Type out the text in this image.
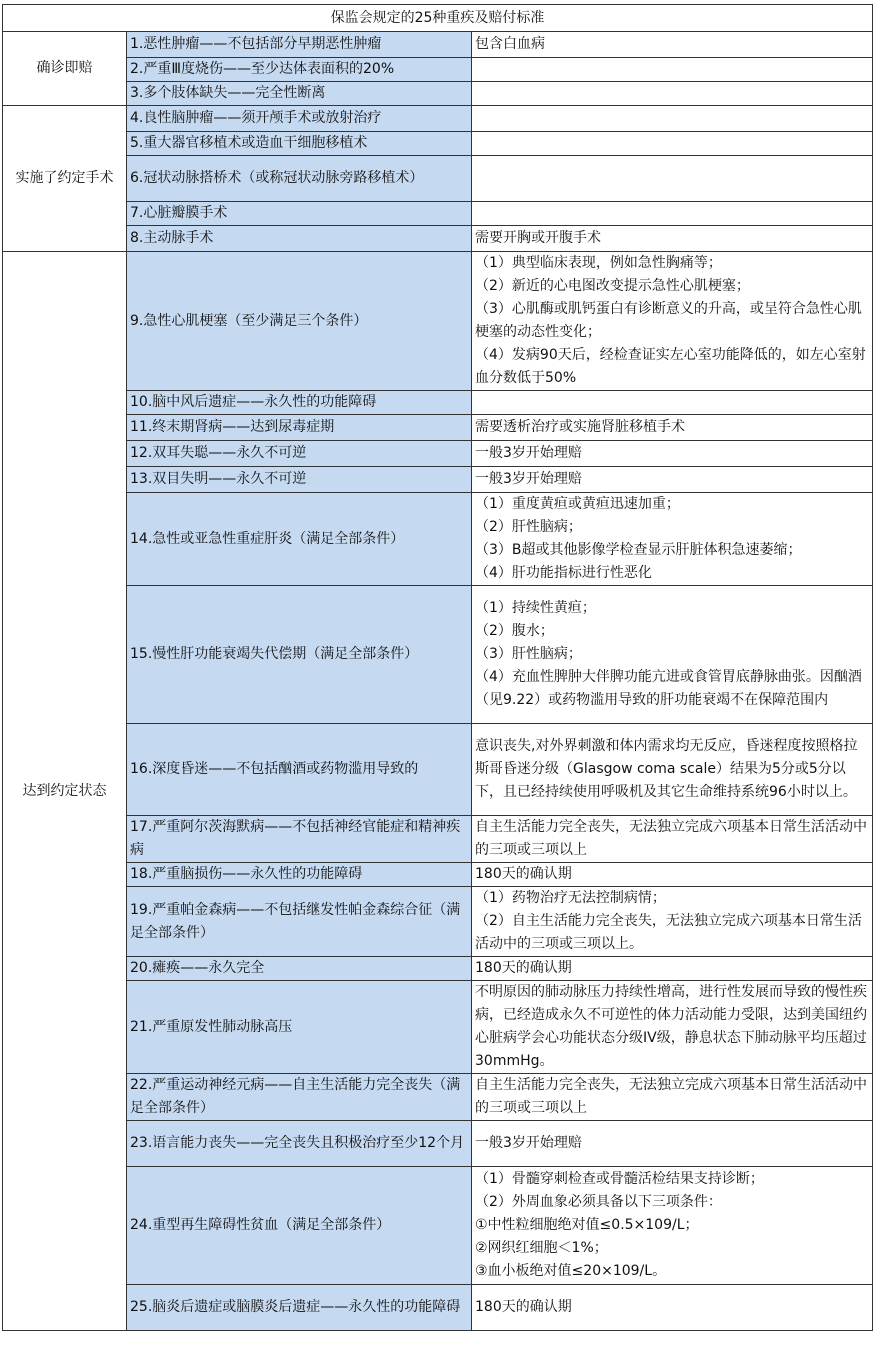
保监会规定的25种重疾及赔付标准		
确诊即赔	1.恶性肿瘤——不包括部分早期恶性肿瘤	包含白血病

	2.严重Ⅲ度烧伤——至少达体表面积的20%	
	3.多个肢体缺失——完全性断离	
实施了约定手术	4.良性脑肿瘤——须开颅手术或放射治疗	
	5.重大器官移植术或造血干细胞移植术	
	6.冠状动脉搭桥术（或称冠状动脉旁路移植术）	
	7.心脏瓣膜手术	
	8.主动脉手术	需要开胸或开腹手术

达到约定状态	9.急性心肌梗塞（至少满足三个条件）	（1）典型临床表现，例如急性胸痛等；
（2）新近的心电图改变提示急性心肌梗塞；
（3）心肌酶或肌钙蛋白有诊断意义的升高，或呈符合急性心肌梗塞的动态性变化；
（4）发病90天后，经检查证实左心室功能降低的，如左心室射血分数低于50%

	10.脑中风后遗症——永久性的功能障碍	
	11.终末期肾病——达到尿毒症期	需要透析治疗或实施肾脏移植手术

	12.双耳失聪——永久不可逆	一般3岁开始理赔

	13.双目失明——永久不可逆	一般3岁开始理赔

	14.急性或亚急性重症肝炎（满足全部条件）	（1）重度黄疸或黄疸迅速加重；
（2）肝性脑病；
（3）B超或其他影像学检查显示肝脏体积急速萎缩；
（4）肝功能指标进行性恶化

	15.慢性肝功能衰竭失代偿期（满足全部条件）	（1）持续性黄疸；
（2）腹水；
（3）肝性脑病；
（4）充血性脾肿大伴脾功能亢进或食管胃底静脉曲张。因酗酒（见9.22）或药物滥用导致的肝功能衰竭不在保障范围内

	16.深度昏迷——不包括酗酒或药物滥用导致的	意识丧失,对外界刺激和体内需求均无反应，昏迷程度按照格拉斯哥昏迷分级（Glasgow coma scale）结果为5分或5分以下，且已经持续使用呼吸机及其它生命维持系统96小时以上。

	17.严重阿尔茨海默病——不包括神经官能症和精神疾病	自主生活能力完全丧失，无法独立完成六项基本日常生活活动中的三项或三项以上

	18.严重脑损伤——永久性的功能障碍	180天的确认期

	19.严重帕金森病——不包括继发性帕金森综合征（满足全部条件）	（1）药物治疗无法控制病情；
（2）自主生活能力完全丧失，无法独立完成六项基本日常生活活动中的三项或三项以上。

	20.瘫痪——永久完全	180天的确认期

	21.严重原发性肺动脉高压	不明原因的肺动脉压力持续性增高，进行性发展而导致的慢性疾病，已经造成永久不可逆性的体力活动能力受限，达到美国纽约心脏病学会心功能状态分级IV级，静息状态下肺动脉平均压超过30mmHg。

	22.严重运动神经元病——自主生活能力完全丧失（满足全部条件）	自主生活能力完全丧失，无法独立完成六项基本日常生活活动中的三项或三项以上

	23.语言能力丧失——完全丧失且积极治疗至少12个月	一般3岁开始理赔

	24.重型再生障碍性贫血（满足全部条件）	（1）骨髓穿刺检查或骨髓活检结果支持诊断；
（2）外周血象必须具备以下三项条件：
①中性粒细胞绝对值≤0.5×109/L；
②网织红细胞＜1%；
③血小板绝对值≤20×109/L。

	25.脑炎后遗症或脑膜炎后遗症——永久性的功能障碍	180天的确认期
